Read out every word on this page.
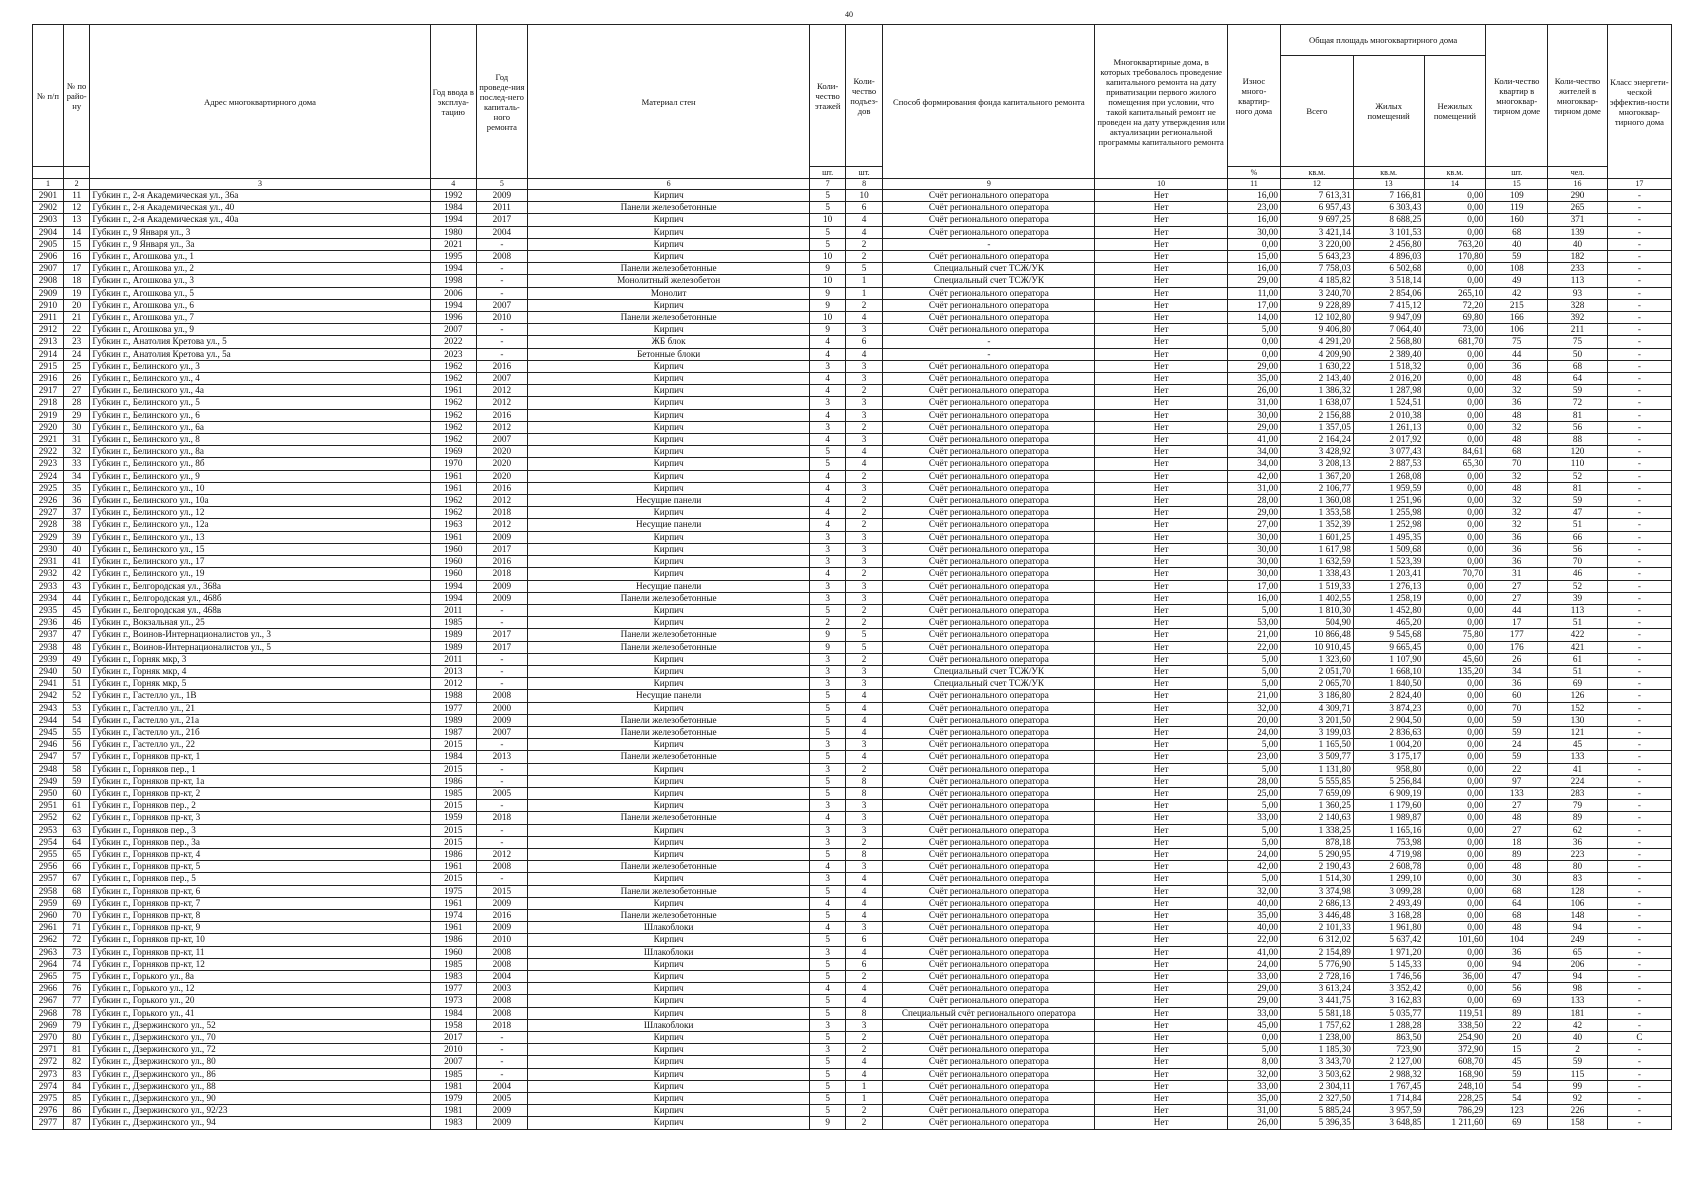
40
№ п/п	№ по райо-ну	Адрес многоквартирного дома	Год ввода в эксплуа-тацию	Год проведе-ния послед-него капиталь-ного ремонта	Материал стен	Коли-чество этажей	Коли-чество подъез-дов	Способ формирования фонда капитального ремонта	Многоквартирные дома, в которых требовалось проведение капитального ремонта на дату приватизации первого жилого помещения при условии, что такой капитальный ремонт не проведен на дату утверждения или актуализации региональной программы капитального ремонта	Износ много-квартир-ного дома	Общая площадь многоквартирного дома			Коли-чество квартир в многоквар-тирном доме	Коли-чество жителей в многоквар-тирном доме	Класс энергети-ческой эффектив-ности многоквар-тирного дома
											Всего	Жилых помещений	Нежилых помещений			
						шт.	шт.			%	кв.м.	кв.м.	кв.м.	шт.	чел.	
1	2	3	4	5	6	7	8	9	10	11	12	13	14	15	16	17
2901	11	Губкин г., 2-я Академическая ул., 36а	1992	2009	Кирпич	5	10	Счёт регионального оператора	Нет	16,00	7 613,31	7 166,81	0,00	109	290	-
2902	12	Губкин г., 2-я Академическая ул., 40	1984	2011	Панели железобетонные	5	6	Счёт регионального оператора	Нет	23,00	6 957,43	6 303,43	0,00	119	265	-
2903	13	Губкин г., 2-я Академическая ул., 40а	1994	2017	Кирпич	10	4	Счёт регионального оператора	Нет	16,00	9 697,25	8 688,25	0,00	160	371	-
2904	14	Губкин г., 9 Января ул., 3	1980	2004	Кирпич	5	4	Счёт регионального оператора	Нет	30,00	3 421,14	3 101,53	0,00	68	139	-
2905	15	Губкин г., 9 Января ул., 3а	2021	-	Кирпич	5	2	-	Нет	0,00	3 220,00	2 456,80	763,20	40	40	-
2906	16	Губкин г., Агошкова ул., 1	1995	2008	Кирпич	10	2	Счёт регионального оператора	Нет	15,00	5 643,23	4 896,03	170,80	59	182	-
2907	17	Губкин г., Агошкова ул., 2	1994	-	Панели железобетонные	9	5	Специальный счет ТСЖ/УК	Нет	16,00	7 758,03	6 502,68	0,00	108	233	-
2908	18	Губкин г., Агошкова ул., 3	1998	-	Монолитный железобетон	10	1	Специальный счет ТСЖ/УК	Нет	29,00	4 185,82	3 518,14	0,00	49	113	-
2909	19	Губкин г., Агошкова ул., 5	2006	-	Монолит	9	1	Счёт регионального оператора	Нет	11,00	3 240,70	2 854,06	265,10	42	93	-
2910	20	Губкин г., Агошкова ул., 6	1994	2007	Кирпич	9	2	Счёт регионального оператора	Нет	17,00	9 228,89	7 415,12	72,20	215	328	-
2911	21	Губкин г., Агошкова ул., 7	1996	2010	Панели железобетонные	10	4	Счёт регионального оператора	Нет	14,00	12 102,80	9 947,09	69,80	166	392	-
2912	22	Губкин г., Агошкова ул., 9	2007	-	Кирпич	9	3	Счёт регионального оператора	Нет	5,00	9 406,80	7 064,40	73,00	106	211	-
2913	23	Губкин г., Анатолия Кретова ул., 5	2022	-	ЖБ блок	4	6	-	Нет	0,00	4 291,20	2 568,80	681,70	75	75	-
2914	24	Губкин г., Анатолия Кретова ул., 5а	2023	-	Бетонные блоки	4	4	-	Нет	0,00	4 209,90	2 389,40	0,00	44	50	-
2915	25	Губкин г., Белинского ул., 3	1962	2016	Кирпич	3	3	Счёт регионального оператора	Нет	29,00	1 630,22	1 518,32	0,00	36	68	-
2916	26	Губкин г., Белинского ул., 4	1962	2007	Кирпич	4	3	Счёт регионального оператора	Нет	35,00	2 143,40	2 016,20	0,00	48	64	-
2917	27	Губкин г., Белинского ул., 4а	1961	2012	Кирпич	4	2	Счёт регионального оператора	Нет	26,00	1 386,32	1 287,98	0,00	32	59	-
2918	28	Губкин г., Белинского ул., 5	1962	2012	Кирпич	3	3	Счёт регионального оператора	Нет	31,00	1 638,07	1 524,51	0,00	36	72	-
2919	29	Губкин г., Белинского ул., 6	1962	2016	Кирпич	4	3	Счёт регионального оператора	Нет	30,00	2 156,88	2 010,38	0,00	48	81	-
2920	30	Губкин г., Белинского ул., 6а	1962	2012	Кирпич	3	2	Счёт регионального оператора	Нет	29,00	1 357,05	1 261,13	0,00	32	56	-
2921	31	Губкин г., Белинского ул., 8	1962	2007	Кирпич	4	3	Счёт регионального оператора	Нет	41,00	2 164,24	2 017,92	0,00	48	88	-
2922	32	Губкин г., Белинского ул., 8а	1969	2020	Кирпич	5	4	Счёт регионального оператора	Нет	34,00	3 428,92	3 077,43	84,61	68	120	-
2923	33	Губкин г., Белинского ул., 8б	1970	2020	Кирпич	5	4	Счёт регионального оператора	Нет	34,00	3 208,13	2 887,53	65,30	70	110	-
2924	34	Губкин г., Белинского ул., 9	1961	2020	Кирпич	4	2	Счёт регионального оператора	Нет	42,00	1 367,20	1 268,08	0,00	32	52	-
2925	35	Губкин г., Белинского ул., 10	1961	2016	Кирпич	4	3	Счёт регионального оператора	Нет	31,00	2 106,77	1 959,59	0,00	48	81	-
2926	36	Губкин г., Белинского ул., 10а	1962	2012	Несущие панели	4	2	Счёт регионального оператора	Нет	28,00	1 360,08	1 251,96	0,00	32	59	-
2927	37	Губкин г., Белинского ул., 12	1962	2018	Кирпич	4	2	Счёт регионального оператора	Нет	29,00	1 353,58	1 255,98	0,00	32	47	-
2928	38	Губкин г., Белинского ул., 12а	1963	2012	Несущие панели	4	2	Счёт регионального оператора	Нет	27,00	1 352,39	1 252,98	0,00	32	51	-
2929	39	Губкин г., Белинского ул., 13	1961	2009	Кирпич	3	3	Счёт регионального оператора	Нет	30,00	1 601,25	1 495,35	0,00	36	66	-
2930	40	Губкин г., Белинского ул., 15	1960	2017	Кирпич	3	3	Счёт регионального оператора	Нет	30,00	1 617,98	1 509,68	0,00	36	56	-
2931	41	Губкин г., Белинского ул., 17	1960	2016	Кирпич	3	3	Счёт регионального оператора	Нет	30,00	1 632,59	1 523,39	0,00	36	70	-
2932	42	Губкин г., Белинского ул., 19	1960	2018	Кирпич	4	2	Счёт регионального оператора	Нет	30,00	1 338,43	1 203,41	70,70	31	46	-
2933	43	Губкин г., Белгородская ул., 368а	1994	2009	Несущие панели	3	3	Счёт регионального оператора	Нет	17,00	1 519,33	1 276,13	0,00	27	52	-
2934	44	Губкин г., Белгородская ул., 468б	1994	2009	Панели железобетонные	3	3	Счёт регионального оператора	Нет	16,00	1 402,55	1 258,19	0,00	27	39	-
2935	45	Губкин г., Белгородская ул., 468в	2011	-	Кирпич	5	2	Счёт регионального оператора	Нет	5,00	1 810,30	1 452,80	0,00	44	113	-
2936	46	Губкин г., Вокзальная ул., 25	1985	-	Кирпич	2	2	Счёт регионального оператора	Нет	53,00	504,90	465,20	0,00	17	51	-
2937	47	Губкин г., Воинов-Интернационалистов ул., 3	1989	2017	Панели железобетонные	9	5	Счёт регионального оператора	Нет	21,00	10 866,48	9 545,68	75,80	177	422	-
2938	48	Губкин г., Воинов-Интернационалистов ул., 5	1989	2017	Панели железобетонные	9	5	Счёт регионального оператора	Нет	22,00	10 910,45	9 665,45	0,00	176	421	-
2939	49	Губкин г., Горняк мкр, 3	2011	-	Кирпич	3	2	Счёт регионального оператора	Нет	5,00	1 323,60	1 107,90	45,60	26	61	-
2940	50	Губкин г., Горняк мкр, 4	2013	-	Кирпич	3	3	Специальный счет ТСЖ/УК	Нет	5,00	2 051,70	1 668,10	135,20	34	51	-
2941	51	Губкин г., Горняк мкр, 5	2012	-	Кирпич	3	3	Специальный счет ТСЖ/УК	Нет	5,00	2 065,70	1 840,50	0,00	36	69	-
2942	52	Губкин г., Гастелло ул., 1В	1988	2008	Несущие панели	5	4	Счёт регионального оператора	Нет	21,00	3 186,80	2 824,40	0,00	60	126	-
2943	53	Губкин г., Гастелло ул., 21	1977	2000	Кирпич	5	4	Счёт регионального оператора	Нет	32,00	4 309,71	3 874,23	0,00	70	152	-
2944	54	Губкин г., Гастелло ул., 21а	1989	2009	Панели железобетонные	5	4	Счёт регионального оператора	Нет	20,00	3 201,50	2 904,50	0,00	59	130	-
2945	55	Губкин г., Гастелло ул., 21б	1987	2007	Панели железобетонные	5	4	Счёт регионального оператора	Нет	24,00	3 199,03	2 836,63	0,00	59	121	-
2946	56	Губкин г., Гастелло ул., 22	2015	-	Кирпич	3	3	Счёт регионального оператора	Нет	5,00	1 165,50	1 004,20	0,00	24	45	-
2947	57	Губкин г., Горняков пр-кт, 1	1984	2013	Панели железобетонные	5	4	Счёт регионального оператора	Нет	23,00	3 509,77	3 175,17	0,00	59	133	-
2948	58	Губкин г., Горняков пер., 1	2015	-	Кирпич	3	2	Счёт регионального оператора	Нет	5,00	1 131,80	958,80	0,00	22	41	-
2949	59	Губкин г., Горняков пр-кт, 1а	1986	-	Кирпич	5	8	Счёт регионального оператора	Нет	28,00	5 555,85	5 256,84	0,00	97	224	-
2950	60	Губкин г., Горняков пр-кт, 2	1985	2005	Кирпич	5	8	Счёт регионального оператора	Нет	25,00	7 659,09	6 909,19	0,00	133	283	-
2951	61	Губкин г., Горняков пер., 2	2015	-	Кирпич	3	3	Счёт регионального оператора	Нет	5,00	1 360,25	1 179,60	0,00	27	79	-
2952	62	Губкин г., Горняков пр-кт, 3	1959	2018	Панели железобетонные	4	3	Счёт регионального оператора	Нет	33,00	2 140,63	1 989,87	0,00	48	89	-
2953	63	Губкин г., Горняков пер., 3	2015	-	Кирпич	3	3	Счёт регионального оператора	Нет	5,00	1 338,25	1 165,16	0,00	27	62	-
2954	64	Губкин г., Горняков пер., 3а	2015	-	Кирпич	3	2	Счёт регионального оператора	Нет	5,00	878,18	753,98	0,00	18	36	-
2955	65	Губкин г., Горняков пр-кт, 4	1986	2012	Кирпич	5	8	Счёт регионального оператора	Нет	24,00	5 290,95	4 719,98	0,00	89	223	-
2956	66	Губкин г., Горняков пр-кт, 5	1961	2008	Панели железобетонные	4	3	Счёт регионального оператора	Нет	42,00	2 190,43	2 608,78	0,00	48	80	-
2957	67	Губкин г., Горняков пер., 5	2015	-	Кирпич	3	4	Счёт регионального оператора	Нет	5,00	1 514,30	1 299,10	0,00	30	83	-
2958	68	Губкин г., Горняков пр-кт, 6	1975	2015	Панели железобетонные	5	4	Счёт регионального оператора	Нет	32,00	3 374,98	3 099,28	0,00	68	128	-
2959	69	Губкин г., Горняков пр-кт, 7	1961	2009	Кирпич	4	4	Счёт регионального оператора	Нет	40,00	2 686,13	2 493,49	0,00	64	106	-
2960	70	Губкин г., Горняков пр-кт, 8	1974	2016	Панели железобетонные	5	4	Счёт регионального оператора	Нет	35,00	3 446,48	3 168,28	0,00	68	148	-
2961	71	Губкин г., Горняков пр-кт, 9	1961	2009	Шлакоблоки	4	3	Счёт регионального оператора	Нет	40,00	2 101,33	1 961,80	0,00	48	94	-
2962	72	Губкин г., Горняков пр-кт, 10	1986	2010	Кирпич	5	6	Счёт регионального оператора	Нет	22,00	6 312,02	5 637,42	101,60	104	249	-
2963	73	Губкин г., Горняков пр-кт, 11	1960	2008	Шлакоблоки	3	4	Счёт регионального оператора	Нет	41,00	2 154,89	1 971,20	0,00	36	65	-
2964	74	Губкин г., Горняков пр-кт, 12	1985	2008	Кирпич	5	6	Счёт регионального оператора	Нет	24,00	5 776,90	5 145,33	0,00	94	206	-
2965	75	Губкин г., Горького ул., 8а	1983	2004	Кирпич	5	2	Счёт регионального оператора	Нет	33,00	2 728,16	1 746,56	36,00	47	94	-
2966	76	Губкин г., Горького ул., 12	1977	2003	Кирпич	4	4	Счёт регионального оператора	Нет	29,00	3 613,24	3 352,42	0,00	56	98	-
2967	77	Губкин г., Горького ул., 20	1973	2008	Кирпич	5	4	Счёт регионального оператора	Нет	29,00	3 441,75	3 162,83	0,00	69	133	-
2968	78	Губкин г., Горького ул., 41	1984	2008	Кирпич	5	8	Специальный счёт регионального оператора	Нет	33,00	5 581,18	5 035,77	119,51	89	181	-
2969	79	Губкин г., Дзержинского ул., 52	1958	2018	Шлакоблоки	3	3	Счёт регионального оператора	Нет	45,00	1 757,62	1 288,28	338,50	22	42	-
2970	80	Губкин г., Дзержинского ул., 70	2017	-	Кирпич	5	2	Счёт регионального оператора	Нет	0,00	1 238,00	863,50	254,90	20	40	C
2971	81	Губкин г., Дзержинского ул., 72	2010	-	Кирпич	3	2	Счёт регионального оператора	Нет	5,00	1 185,30	723,90	372,90	15	2	-
2972	82	Губкин г., Дзержинского ул., 80	2007	-	Кирпич	5	4	Счёт регионального оператора	Нет	8,00	3 343,70	2 127,00	608,70	45	59	-
2973	83	Губкин г., Дзержинского ул., 86	1985	-	Кирпич	5	4	Счёт регионального оператора	Нет	32,00	3 503,62	2 988,32	168,90	59	115	-
2974	84	Губкин г., Дзержинского ул., 88	1981	2004	Кирпич	5	1	Счёт регионального оператора	Нет	33,00	2 304,11	1 767,45	248,10	54	99	-
2975	85	Губкин г., Дзержинского ул., 90	1979	2005	Кирпич	5	1	Счёт регионального оператора	Нет	35,00	2 327,50	1 714,84	228,25	54	92	-
2976	86	Губкин г., Дзержинского ул., 92/23	1981	2009	Кирпич	5	2	Счёт регионального оператора	Нет	31,00	5 885,24	3 957,59	786,29	123	226	-
2977	87	Губкин г., Дзержинского ул., 94	1983	2009	Кирпич	9	2	Счёт регионального оператора	Нет	26,00	5 396,35	3 648,85	1 211,60	69	158	-
